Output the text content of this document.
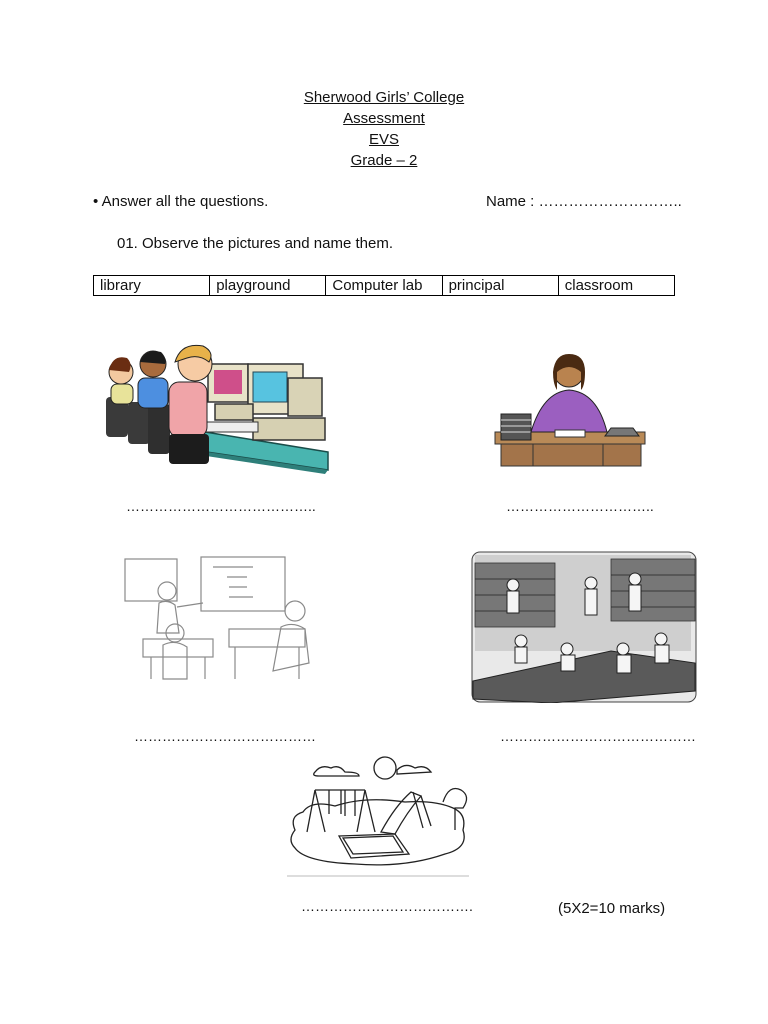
Sherwood Girls’ College
Assessment
EVS
Grade – 2
• Answer all the questions.	Name : ………………………..
01. Observe the pictures and name them.
library	playground	Computer lab	principal	classroom
…………………………………..	…………………………..
…………………………………	……………………………………
……………………………….	(5X2=10 marks)
